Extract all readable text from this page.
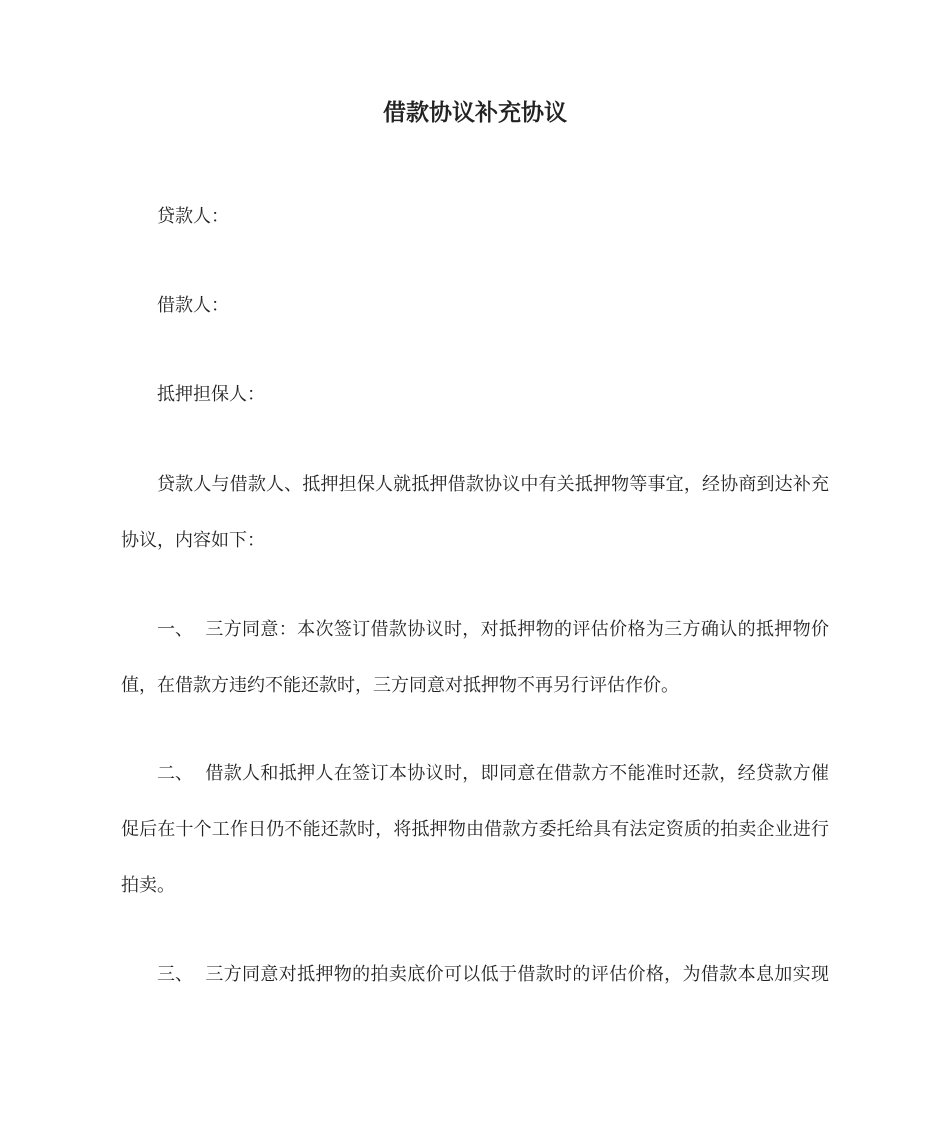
借款协议补充协议
贷款人：
借款人：
抵押担保人：
贷款人与借款人、抵押担保人就抵押借款协议中有关抵押物等事宜，经协商到达补充
协议，内容如下：
一、 三方同意：本次签订借款协议时，对抵押物的评估价格为三方确认的抵押物价
值，在借款方违约不能还款时，三方同意对抵押物不再另行评估作价。
二、 借款人和抵押人在签订本协议时，即同意在借款方不能准时还款，经贷款方催
促后在十个工作日仍不能还款时，将抵押物由借款方委托给具有法定资质的拍卖企业进行
拍卖。
三、 三方同意对抵押物的拍卖底价可以低于借款时的评估价格，为借款本息加实现
